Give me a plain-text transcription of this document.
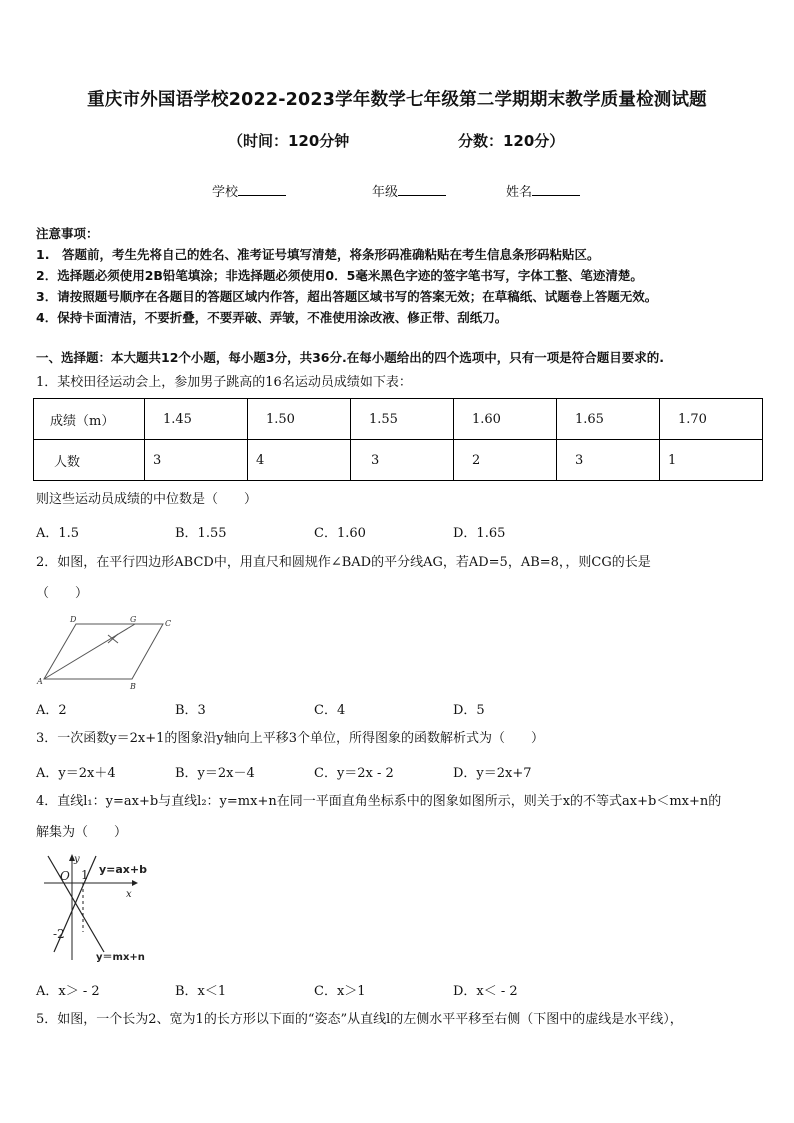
重庆市外国语学校2022-2023学年数学七年级第二学期期末教学质量检测试题
（时间：120分钟	分数：120分）
学校	年级	姓名
注意事项：
1.　答题前，考生先将自己的姓名、准考证号填写清楚，将条形码准确粘贴在考生信息条形码粘贴区。
2．选择题必须使用2B铅笔填涂；非选择题必须使用0．5毫米黑色字迹的签字笔书写，字体工整、笔迹清楚。
3．请按照题号顺序在各题目的答题区域内作答，超出答题区域书写的答案无效；在草稿纸、试题卷上答题无效。
4．保持卡面清洁，不要折叠，不要弄破、弄皱，不准使用涂改液、修正带、刮纸刀。
一、选择题：本大题共12个小题，每小题3分，共36分.在每小题给出的四个选项中，只有一项是符合题目要求的.
1．某校田径运动会上，参加男子跳高的16名运动员成绩如下表：
成绩（m）	1.45	1.50	1.55	1.60	1.65	1.70
人数	3	4	3	2	3	1
则这些运动员成绩的中位数是（　　）
A．1.5	B．1.55	C．1.60	D．1.65
2．如图，在平行四边形ABCD中，用直尺和圆规作∠BAD的平分线AG，若AD=5，AB=8，，则CG的长是
（　　）
A
B
C
D	G
A．2	B．3	C．4	D．5
3．一次函数y＝2x+1的图象沿y轴向上平移3个单位，所得图象的函数解析式为（　　）
A．y＝2x＋4	B．y＝2x－4	C．y＝2x - 2	D．y＝2x+7
4．直线l₁：y=ax+b与直线l₂：y=mx+n在同一平面直角坐标系中的图象如图所示，则关于x的不等式ax+b＜mx+n的
解集为（　　）
O 1
-2
x
y
y=ax+b
y＝mx+n
A．x＞ - 2	B．x＜1	C．x＞1	D．x＜ - 2
5．如图，一个长为2、宽为1的长方形以下面的“姿态”从直线l的左侧水平平移至右侧（下图中的虚线是水平线），
